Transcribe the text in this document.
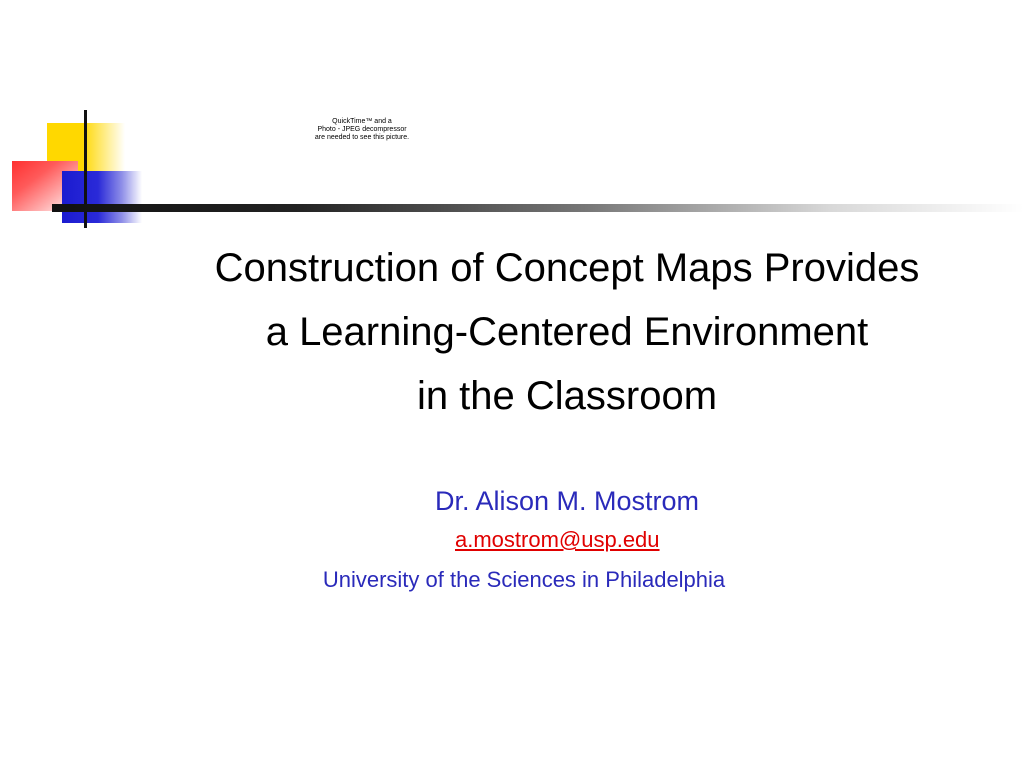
QuickTime™ and a
Photo - JPEG decompressor
are needed to see this picture.
Construction of Concept Maps Provides
a Learning-Centered Environment
in the Classroom
Dr. Alison M. Mostrom
a.mostrom@usp.edu
University of the Sciences in Philadelphia
